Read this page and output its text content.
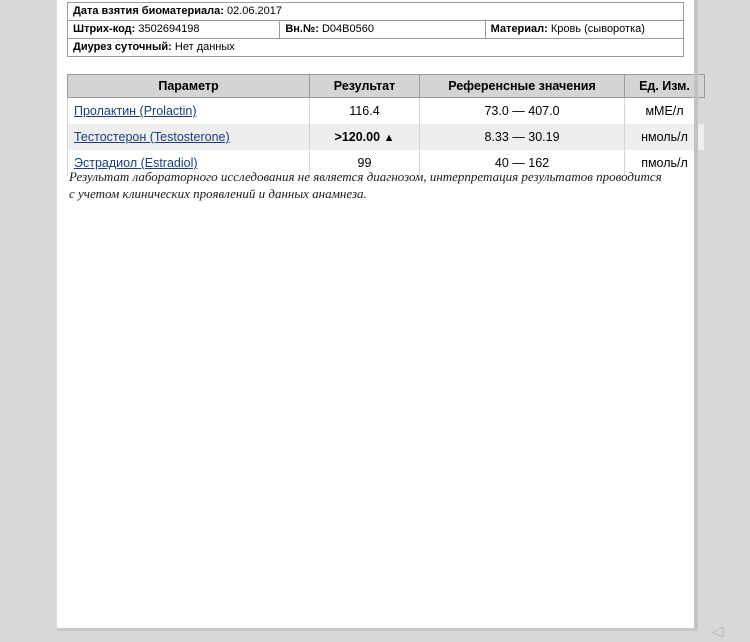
Дата взятия биоматериала: 02.06.2017
Штрих-код: 3502694198	Вн.№: D04B0560	Материал: Кровь (сыворотка)
Диурез суточный: Нет данных
Параметр	Результат	Референсные значения	Ед. Изм.
Пролактин (Prolactin)	116.4	73.0 — 407.0	мМЕ/л
Тестостерон (Testosterone)	>120.00 ▲	8.33 — 30.19	нмоль/л
Эстрадиол (Estradiol)	99	40 — 162	пмоль/л
Результат лабораторного исследования не является диагнозом, интерпретация результатов проводится с учетом клинических проявлений и данных анамнеза.
◁
